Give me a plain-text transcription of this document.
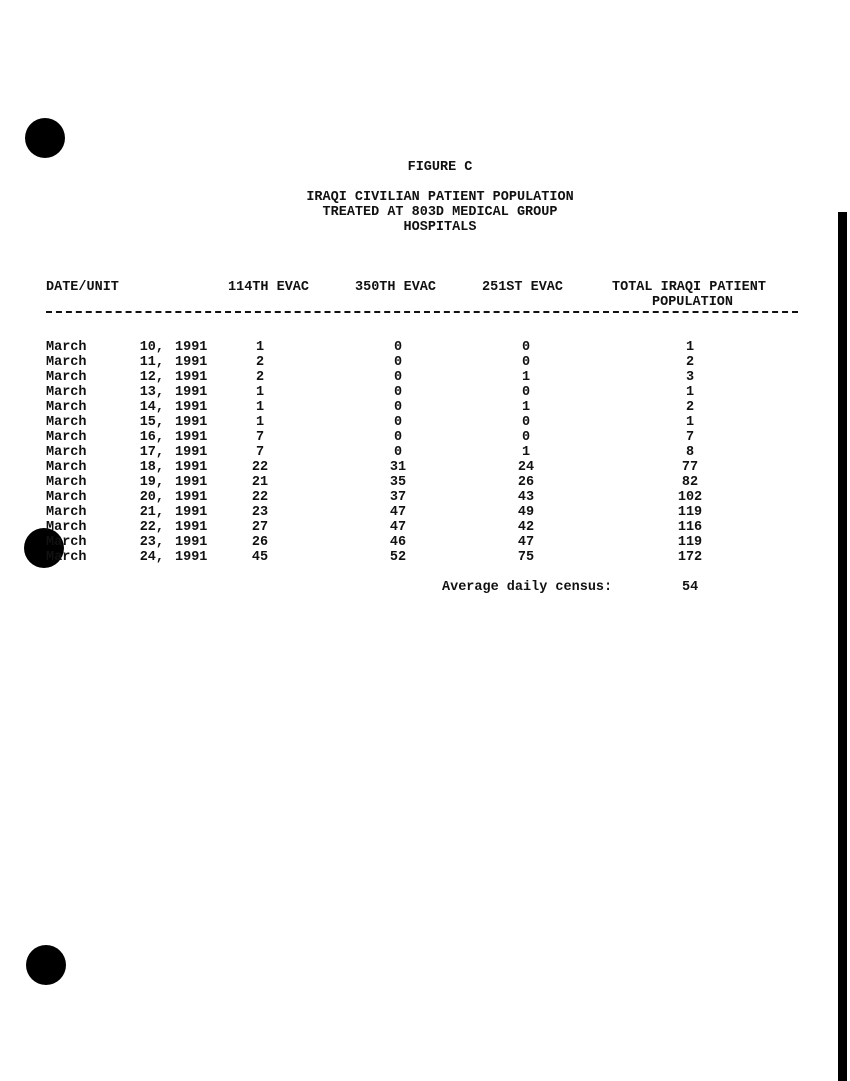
FIGURE C
IRAQI CIVILIAN PATIENT POPULATION
TREATED AT 803D MEDICAL GROUP
HOSPITALS
DATE/UNIT	114TH EVAC	350TH EVAC	251ST EVAC	TOTAL IRAQI PATIENT
POPULATION
March	10, 1991	1	0	0	1
March	11, 1991	2	0	0	2
March	12, 1991	2	0	1	3
March	13, 1991	1	0	0	1
March	14, 1991	1	0	1	2
March	15, 1991	1	0	0	1
March	16, 1991	7	0	0	7
March	17, 1991	7	0	1	8
March	18, 1991	22	31	24	77
March	19, 1991	21	35	26	82
March	20, 1991	22	37	43	102
March	21, 1991	23	47	49	119
March	22, 1991	27	47	42	116
March	23, 1991	26	46	47	119
March	24, 1991	45	52	75	172
Average daily census:	54
